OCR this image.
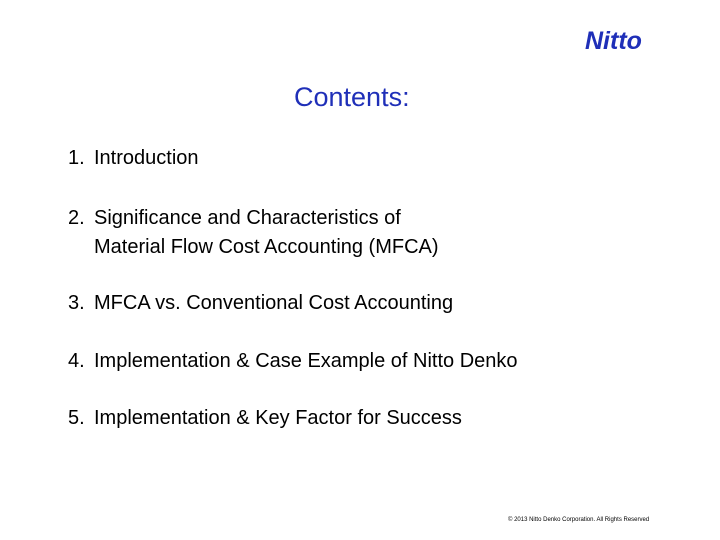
Nitto
Contents:
1. Introduction
2. Significance and Characteristics of
Material Flow Cost Accounting (MFCA)
3. MFCA vs. Conventional Cost Accounting
4. Implementation & Case Example of Nitto Denko
5. Implementation & Key Factor for Success
© 2013 Nitto Denko Corporation. All Rights Reserved
